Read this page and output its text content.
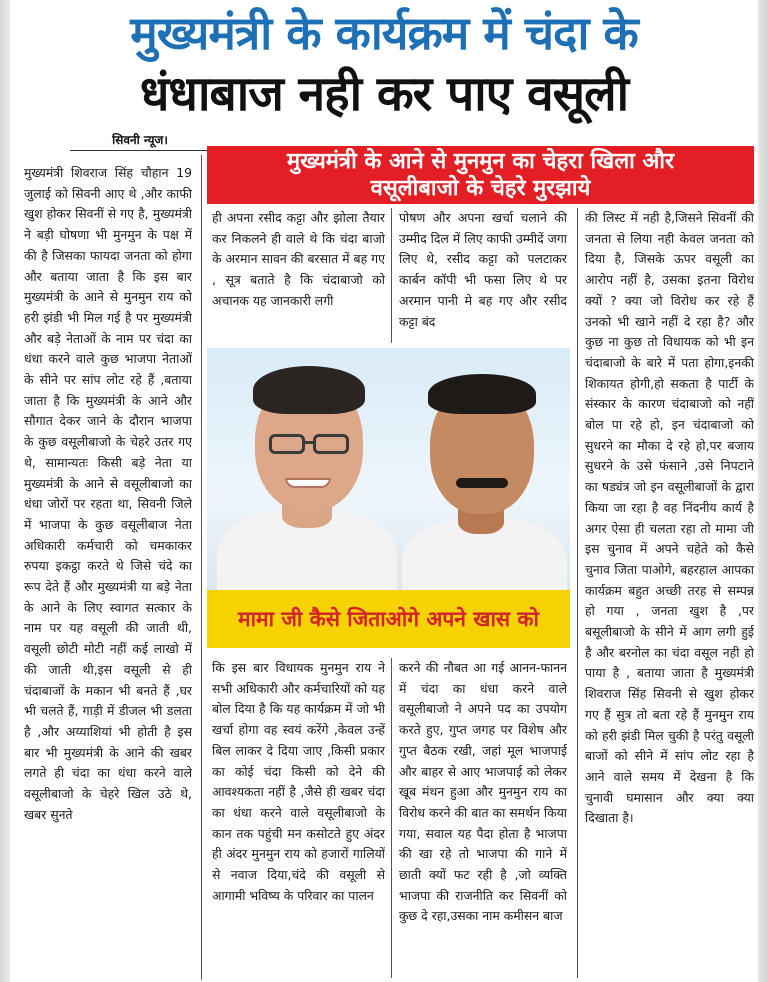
मुख्यमंत्री के कार्यक्रम में चंदा के
धंधाबाज नही कर पाए वसूली
सिवनी न्यूज।
मुख्यमंत्री के आने से मुनमुन का चेहरा खिला और
वसूलीबाजो के चेहरे मुरझाये
मुख्यमंत्री शिवराज सिंह चौहान 19 जुलाई को सिवनी आए थे ,और काफी खुश होकर सिवनीं से गए है, मुख्यमंत्री ने बड़ी घोषणा भी मुनमुन के पक्ष में की है जिसका फायदा जनता को होगा और बताया जाता है कि इस बार मुख्यमंत्री के आने से मुनमुन राय को हरी झंडी भी मिल गई है पर मुख्यमंत्री और बड़े नेताओं के नाम पर चंदा का धंधा करने वाले कुछ भाजपा नेताओं के सीने पर सांप लोट रहे हैं ,बताया जाता है कि मुख्यमंत्री के आने और सौगात देकर जाने के दौरान भाजपा के कुछ वसूलीबाजो के चेहरे उतर गए थे, सामान्यतः किसी बड़े नेता या मुख्यमंत्री के आने से वसूलीबाजो का धंधा जोरों पर रहता था, सिवनी जिले में भाजपा के कुछ वसूलीबाज नेता अधिकारी कर्मचारी को चमकाकर रुपया इकट्ठा करते थे जिसे चंदे का रूप देते हैं और मुख्यमंत्री या बड़े नेता के आने के लिए स्वागत सत्कार के नाम पर यह वसूली की जाती थी, वसूली छोटी मोटी नहीं कई लाखो में की जाती थी,इस वसूली से ही चंदाबाजों के मकान भी बनते हैं ,घर भी चलते हैं, गाड़ी में डीजल भी डलता है ,और अय्याशियां भी होती है इस बार भी मुख्यमंत्री के आने की खबर लगते ही चंदा का धंधा करने वाले वसूलीबाजो के चेहरे खिल उठे थे, खबर सुनते
ही अपना रसीद कट्टा और झोला तैयार कर निकलने ही वाले थे कि चंदा बाजो के अरमान सावन की बरसात में बह गए , सूत्र बताते है कि चंदाबाजो को अचानक यह जानकारी लगी
पोषण और अपना खर्चा चलाने की उम्मीद दिल में लिए काफी उम्मीदें जगा लिए थे, रसीद कट्टा को पलटाकर कार्बन कॉपी भी फसा लिए थे पर अरमान पानी मे बह गए और रसीद कट्टा बंद
की लिस्ट में नही है,जिसने सिवनीं की जनता से लिया नही केवल जनता को दिया है, जिसके ऊपर वसूली का आरोप नहीं है, उसका इतना विरोध क्यों ? क्या जो विरोध कर रहे हैं उनको भी खाने नहीं दे रहा है? और कुछ ना कुछ तो विधायक को भी इन चंदाबाजो के बारे में पता होगा,इनकी शिकायत होगी,हो सकता है पार्टी के संस्कार के कारण चंदाबाजो को नहीं बोल पा रहे हो, इन चंदाबाजो को सुधरने का मौका दे रहे हो,पर बजाय सुधरने के उसे फंसाने ,उसे निपटाने का षड्यंत्र जो इन वसूलीबाजों के द्वारा किया जा रहा है वह निंदनीय कार्य है अगर ऐसा ही चलता रहा तो मामा जी इस चुनाव में अपने चहेते को कैसे चुनाव जिता पाओगे, बहरहाल आपका कार्यक्रम बहुत अच्छी तरह से सम्पन्न हो गया , जनता खुश है ,पर बसूलीबाजो के सीने में आग लगी हुई है और बरनोल का चंदा वसूल नही हो पाया है , बताया जाता है मुख्यमंत्री शिवराज सिंह सिवनी से खुश होकर गए हैं सुत्र तो बता रहे हैं मुनमुन राय को हरी झंडी मिल चुकी है परंतु वसूली बाजों को सीने में सांप लोट रहा है आने वाले समय में देखना है कि चुनावी घमासान और क्या क्या दिखाता है।
मामा जी कैसे जिताओगे अपने खास को
कि इस बार विधायक मुनमुन राय ने सभी अधिकारी और कर्मचारियों को यह बोल दिया है कि यह कार्यक्रम में जो भी खर्चा होगा वह स्वयं करेंगे ,केवल उन्हें बिल लाकर दे दिया जाए ,किसी प्रकार का कोई चंदा किसी को देने की आवश्यकता नहीं है ,जैसे ही खबर चंदा का धंधा करने वाले वसूलीबाजो के कान तक पहुंची मन कसोटते हुए अंदर ही अंदर मुनमुन राय को हजारों गालियों से नवाज दिया,चंदे की वसूली से आगामी भविष्य के परिवार का पालन
करने की नौबत आ गई आनन-फानन में चंदा का धंधा करने वाले वसूलीबाजो ने अपने पद का उपयोग करते हुए, गुप्त जगह पर विशेष और गुप्त बैठक रखी, जहां मूल भाजपाई और बाहर से आए भाजपाई को लेकर खूब मंथन हुआ और मुनमुन राय का विरोध करने की बात का समर्थन किया गया, सवाल यह पैदा होता है भाजपा की खा रहे तो भाजपा की गाने में छाती क्यों फट रही है ,जो व्यक्ति भाजपा की राजनीति कर सिवनीं को कुछ दे रहा,उसका नाम कमीसन बाज
